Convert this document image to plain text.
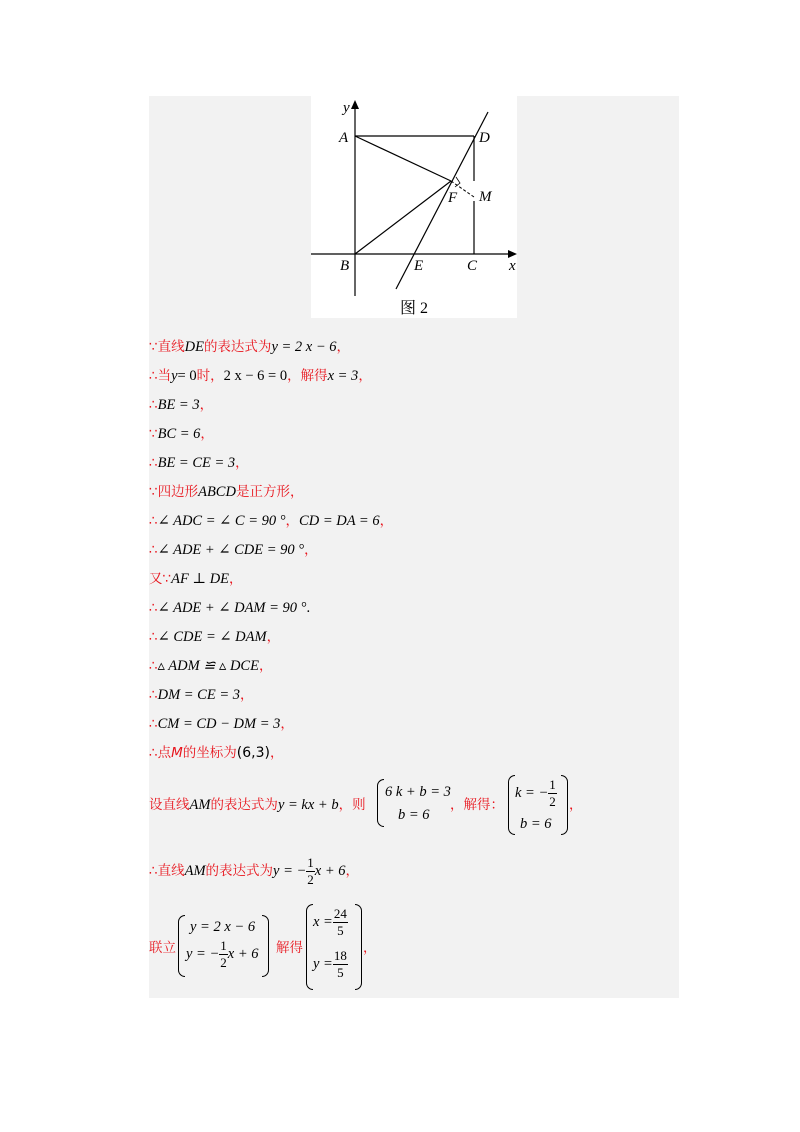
y
x
A	D
F M
B	E	C
图 2
∵直线DE的表达式为y = 2 x − 6，
∴当y= 0时，2 x − 6 = 0，解得x = 3，
∴BE = 3，
∵BC = 6，
∴BE = CE = 3，
∵四边形ABCD是正方形，
∴∠ ADC = ∠ C = 90 °，CD = DA = 6，
∴∠ ADE + ∠ CDE = 90 °，
又∵AF ⊥ DE，
∴∠ ADE + ∠ DAM = 90 °.
∴∠ CDE = ∠ DAM，
∴▵ ADM ≌ ▵ DCE，
∴DM = CE = 3，
∴CM = CD − DM = 3，
∴点M的坐标为(6,3)，
设直线AM的表达式为y = kx + b，则
6 k + b = 3
b = 6
，解得：
k = − $\frac{1}{2}$
b = 6
，
∴直线AM的表达式为y = − $\frac{1}{2}$ x + 6，
联立
y = 2 x − 6
y = − $\frac{1}{2}$ x + 6 解得
$x = \frac{24}{5}$
$y = \frac{18}{5}$ ，
